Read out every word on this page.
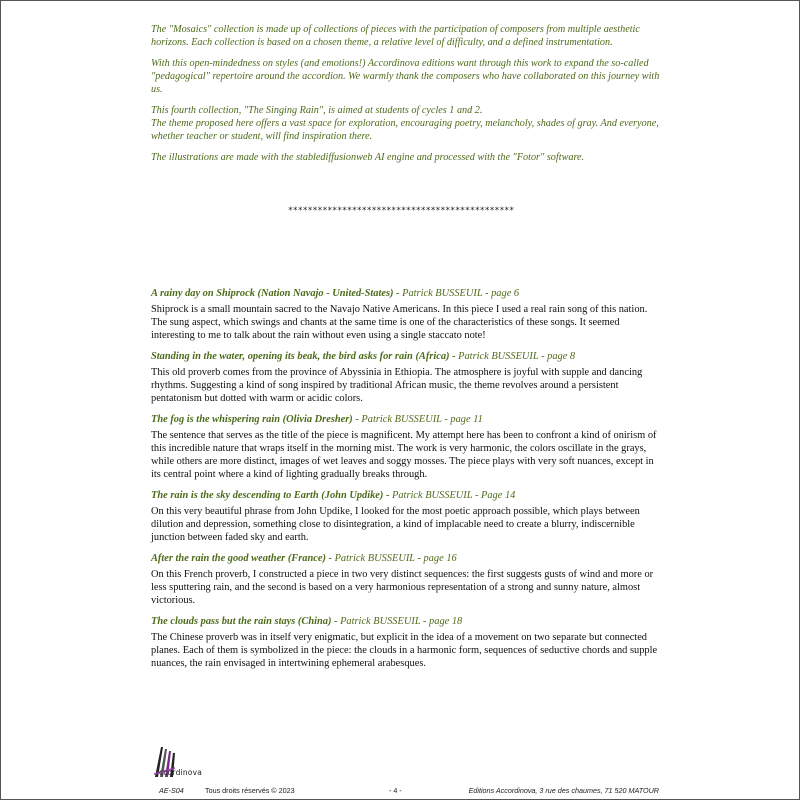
The "Mosaics" collection is made up of collections of pieces with the participation of composers from multiple aesthetic horizons. Each collection is based on a chosen theme, a relative level of difficulty, and a defined instrumentation.

With this open-mindedness on styles (and emotions!) Accordinova editions want through this work to expand the so-called "pedagogical" repertoire around the accordion. We warmly thank the composers who have collaborated on this journey with us.

This fourth collection, "The Singing Rain", is aimed at students of cycles 1 and 2.

The theme proposed here offers a vast space for exploration, encouraging poetry, melancholy, shades of gray. And everyone, whether teacher or student, will find inspiration there.

The illustrations are made with the stablediffusionweb AI engine and processed with the "Fotor" software.

**********************************************
A rainy day on Shiprock (Nation Navajo - United-States) - Patrick BUSSEUIL - page 6

Shiprock is a small mountain sacred to the Navajo Native Americans. In this piece I used a real rain song of this nation. The sung aspect, which swings and chants at the same time is one of the characteristics of these songs. It seemed interesting to me to talk about the rain without even using a single staccato note!

Standing in the water, opening its beak, the bird asks for rain (Africa) - Patrick BUSSEUIL - page 8

This old proverb comes from the province of Abyssinia in Ethiopia. The atmosphere is joyful with supple and dancing rhythms. Suggesting a kind of song inspired by traditional African music, the theme revolves around a persistent pentatonism but dotted with warm or acidic colors.

The fog is the whispering rain (Olivia Dresher) - Patrick BUSSEUIL - page 11

The sentence that serves as the title of the piece is magnificent. My attempt here has been to confront a kind of onirism of this incredible nature that wraps itself in the morning mist. The work is very harmonic, the colors oscillate in the grays, while others are more distinct, images of wet leaves and soggy mosses. The piece plays with very soft nuances, except in its central point where a kind of lighting gradually breaks through.

The rain is the sky descending to Earth (John Updike) - Patrick BUSSEUIL - Page 14

On this very beautiful phrase from John Updike, I looked for the most poetic approach possible, which plays between dilution and depression, something close to disintegration, a kind of implacable need to create a blurry, indiscernible junction between faded sky and earth.

After the rain the good weather (France) - Patrick BUSSEUIL - page 16

On this French proverb, I constructed a piece in two very distinct sequences: the first suggests gusts of wind and more or less sputtering rain, and the second is based on a very harmonious representation of a strong and sunny nature, almost victorious.

The clouds pass but the rain stays (China) - Patrick BUSSEUIL - page 18

The Chinese proverb was in itself very enigmatic, but explicit in the idea of a movement on two separate but connected planes. Each of them is symbolized in the piece: the clouds in a harmonic form, sequences of seductive chords and supple nuances, the rain envisaged in intertwining ephemeral arabesques.

ccordinova
AE-S04	Tous droits réservés © 2023	- 4 -	Editions Accordinova, 3 rue des chaumes, 71 520 MATOUR
